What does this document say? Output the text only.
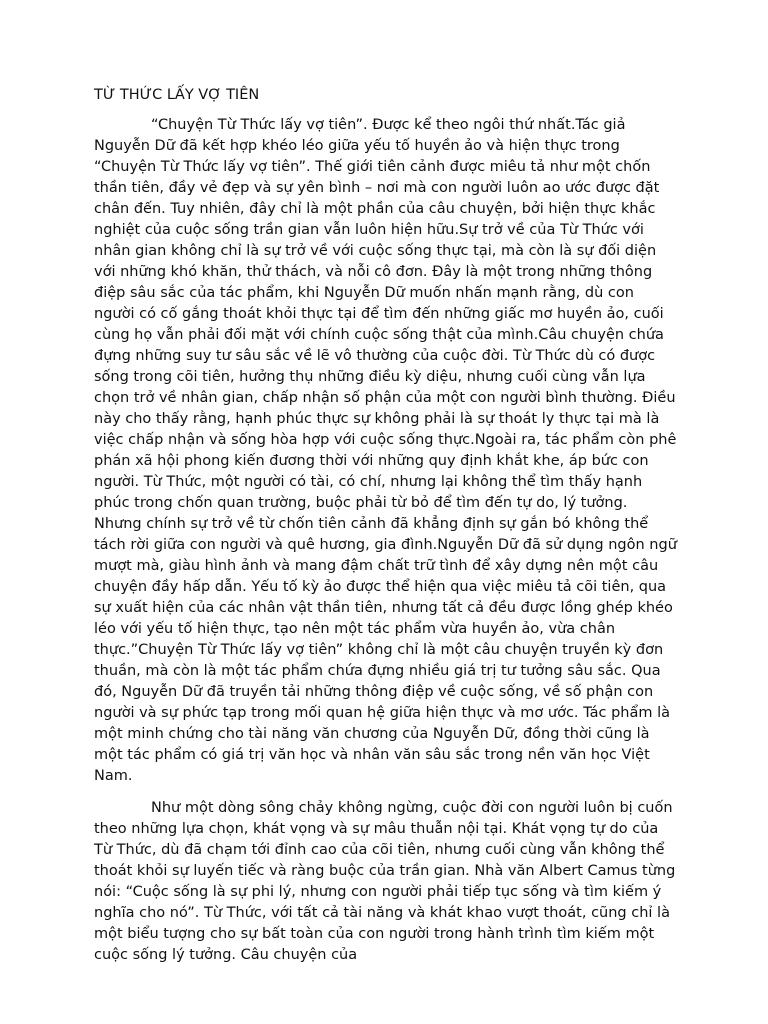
TỪ THỨC LẤY VỢ TIÊN

“Chuyện Từ Thức lấy vợ tiên”. Được kể theo ngôi thứ nhất.Tác giả Nguyễn Dữ đã kết hợp khéo léo giữa yếu tố huyền ảo và hiện thực trong “Chuyện Từ Thức lấy vợ tiên”. Thế giới tiên cảnh được miêu tả như một chốn thần tiên, đầy vẻ đẹp và sự yên bình – nơi mà con người luôn ao ước được đặt chân đến. Tuy nhiên, đây chỉ là một phần của câu chuyện, bởi hiện thực khắc nghiệt của cuộc sống trần gian vẫn luôn hiện hữu.Sự trở về của Từ Thức với nhân gian không chỉ là sự trở về với cuộc sống thực tại, mà còn là sự đối diện với những khó khăn, thử thách, và nỗi cô đơn. Đây là một trong những thông điệp sâu sắc của tác phẩm, khi Nguyễn Dữ muốn nhấn mạnh rằng, dù con người có cố gắng thoát khỏi thực tại để tìm đến những giấc mơ huyền ảo, cuối cùng họ vẫn phải đối mặt với chính cuộc sống thật của mình.Câu chuyện chứa đựng những suy tư sâu sắc về lẽ vô thường của cuộc đời. Từ Thức dù có được sống trong cõi tiên, hưởng thụ những điều kỳ diệu, nhưng cuối cùng vẫn lựa chọn trở về nhân gian, chấp nhận số phận của một con người bình thường. Điều này cho thấy rằng, hạnh phúc thực sự không phải là sự thoát ly thực tại mà là việc chấp nhận và sống hòa hợp với cuộc sống thực.Ngoài ra, tác phẩm còn phê phán xã hội phong kiến đương thời với những quy định khắt khe, áp bức con người. Từ Thức, một người có tài, có chí, nhưng lại không thể tìm thấy hạnh phúc trong chốn quan trường, buộc phải từ bỏ để tìm đến tự do, lý tưởng. Nhưng chính sự trở về từ chốn tiên cảnh đã khẳng định sự gắn bó không thể tách rời giữa con người và quê hương, gia đình.Nguyễn Dữ đã sử dụng ngôn ngữ mượt mà, giàu hình ảnh và mang đậm chất trữ tình để xây dựng nên một câu chuyện đầy hấp dẫn. Yếu tố kỳ ảo được thể hiện qua việc miêu tả cõi tiên, qua sự xuất hiện của các nhân vật thần tiên, nhưng tất cả đều được lồng ghép khéo léo với yếu tố hiện thực, tạo nên một tác phẩm vừa huyền ảo, vừa chân thực.”Chuyện Từ Thức lấy vợ tiên” không chỉ là một câu chuyện truyền kỳ đơn thuần, mà còn là một tác phẩm chứa đựng nhiều giá trị tư tưởng sâu sắc. Qua đó, Nguyễn Dữ đã truyền tải những thông điệp về cuộc sống, về số phận con người và sự phức tạp trong mối quan hệ giữa hiện thực và mơ ước. Tác phẩm là một minh chứng cho tài năng văn chương của Nguyễn Dữ, đồng thời cũng là một tác phẩm có giá trị văn học và nhân văn sâu sắc trong nền văn học Việt Nam.

Như một dòng sông chảy không ngừng, cuộc đời con người luôn bị cuốn theo những lựa chọn, khát vọng và sự mâu thuẫn nội tại. Khát vọng tự do của Từ Thức, dù đã chạm tới đỉnh cao của cõi tiên, nhưng cuối cùng vẫn không thể thoát khỏi sự luyến tiếc và ràng buộc của trần gian. Nhà văn Albert Camus từng nói: “Cuộc sống là sự phi lý, nhưng con người phải tiếp tục sống và tìm kiếm ý nghĩa cho nó”. Từ Thức, với tất cả tài năng và khát khao vượt thoát, cũng chỉ là một biểu tượng cho sự bất toàn của con người trong hành trình tìm kiếm một cuộc sống lý tưởng. Câu chuyện của
